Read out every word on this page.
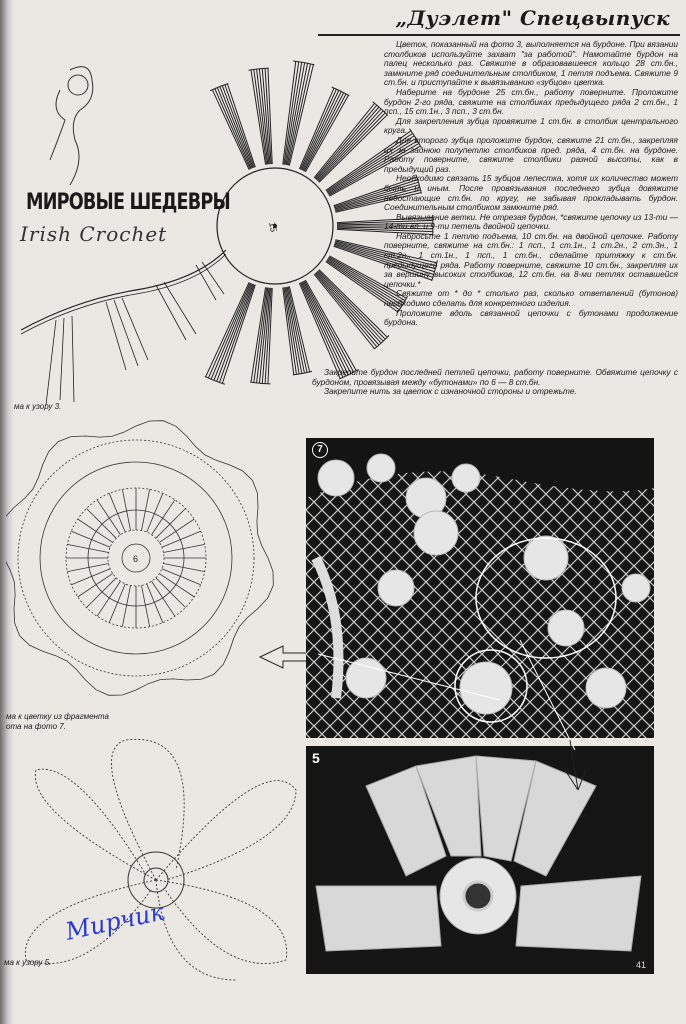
„Дуэлет" Спецвыпуск
15
МИРОВЫЕ ШЕДЕВРЫ
Irish Crochet

Цветок, показанный на фото 3, выполняется на бурдоне. При вязании столбиков используйте захват "за работой". Намотайте бурдон на палец несколько раз. Свяжите в образовавшееся кольцо 28 ст.бн., замкните ряд соединительным столбиком, 1 петля подъема. Свяжите 9 ст.бн. и приступайте к вывязыванию «зубцов» цветка.

Наберите на бурдоне 25 ст.бн., работу поверните. Проложите бурдон 2-го ряда, свяжите на столбиках предыдущего ряда 2 ст.бн., 1 псп., 15 ст.1н., 3 псп., 3 ст.бн.

Для закрепления зубца провяжите 1 ст.бн. в столбик центрального круга.

Для второго зубца проложите бурдон, свяжите 21 ст.бн., закрепляя их за заднюю полупетлю столбиков пред. ряда, 4 ст.бн. на бурдоне. Работу поверните, свяжите столбики разной высоты, как в предыдущий раз.

Необходимо связать 15 зубцов лепестка, хотя их количество может быть и иным. После провязывания последнего зубца довяжите недостающие ст.бн. по кругу, не забывая прокладывать бурдон. Соединительным столбиком замкните ряд.

Вывязывание ветки. Не отрезая бурдон, *свяжите цепочку из 13-ти — 14-ти вп. и 9-ти петель двойной цепочки.

Набросьте 1 петлю подъема, 10 ст.бн. на двойной цепочке. Работу поверните, свяжите на ст.бн.: 1 псп., 1 ст.1н., 1 ст.2н., 2 ст.3н., 1 ст.2н., 1 ст.1н., 1 псп., 1 ст.бн., сделайте притяжку к ст.бн. предыдущего ряда. Работу поверните, свяжите 10 ст.бн., закрепляя их за вершину высоких столбиков, 12 ст.бн. на 8-ми петлях оставшейся цепочки.*

Свяжите от * до * столько раз, сколько ответвлений (бутонов) необходимо сделать для конкретного изделия.

Проложите вдоль связанной цепочки с бутонами продолжение бурдона.

Закрепите бурдон последней петлей цепочки, работу поверните. Обвяжите цепочку с бурдоном, провязывая между «бутонами» по 6 — 8 ст.бн.

Закрепите нить за цветок с изнаночной стороны и отрежьте.

ма к узору 3.
6
ма к цветку из фрагмента
ота на фото 7.
Мирчик
ма к узору 5.
7
5
41
